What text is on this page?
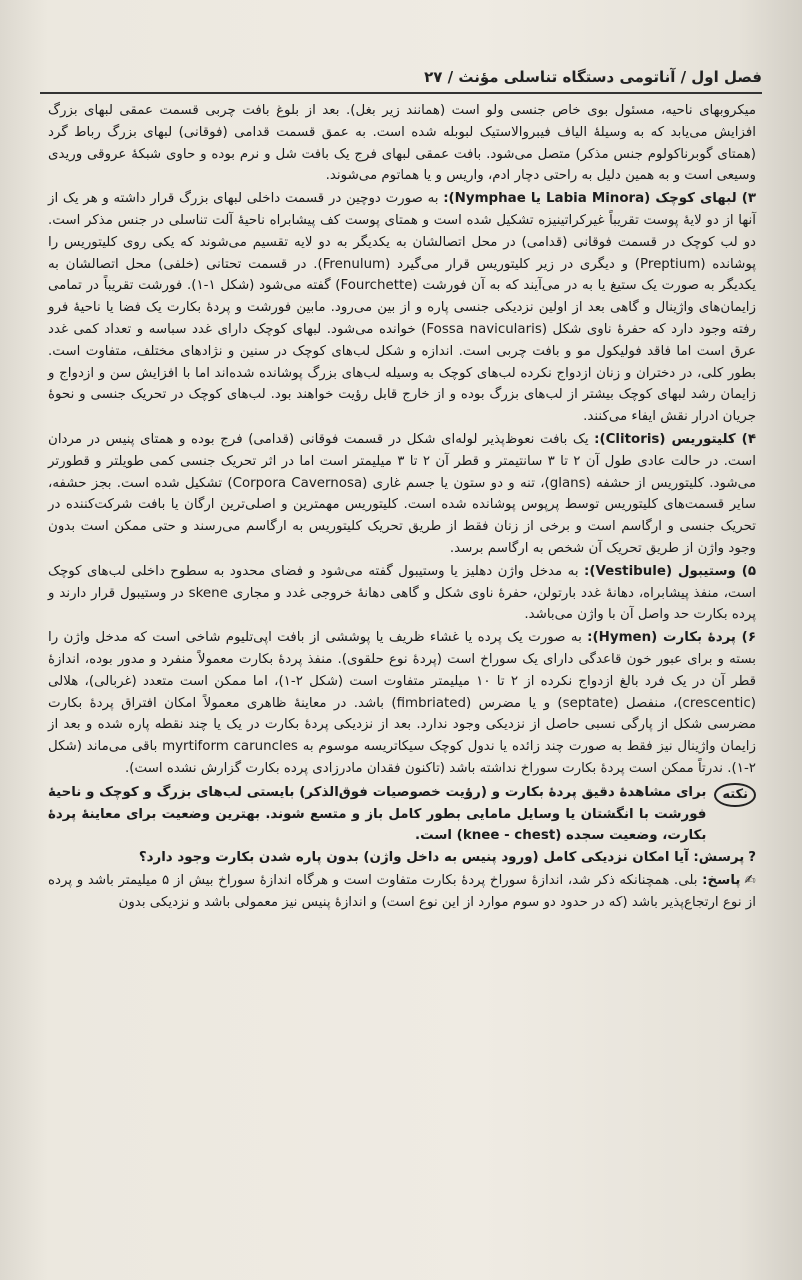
فصل اول / آناتومی دستگاه تناسلی مؤنث / ۲۷

میکروبهای ناحیه، مسئول بوی خاص جنسی ولو است (همانند زیر بغل). بعد از بلوغ بافت چربی قسمت عمقی لبهای بزرگ افزایش می‌یابد که به وسیلهٔ الیاف فیبروالاستیک لبوبله شده است. به عمق قسمت قدامی (فوقانی) لبهای بزرگ رباط گرد (همتای گوبرناکولوم جنس مذکر) متصل می‌شود. بافت عمقی لبهای فرج یک بافت شل و نرم بوده و حاوی شبکهٔ عروقی وریدی وسیعی است و به همین دلیل به راحتی دچار ادم، واریس و یا هماتوم می‌شوند.

۳) لبهای کوچک (Labia Minora یا Nymphae): به صورت دوچین در قسمت داخلی لبهای بزرگ قرار داشته و هر یک از آنها از دو لایهٔ پوست تقریباً غیرکراتینیزه تشکیل شده است و همتای پوست کف پیشابراه ناحیهٔ آلت تناسلی در جنس مذکر است. دو لب کوچک در قسمت فوقانی (قدامی) در محل اتصالشان به یکدیگر به دو لایه تقسیم می‌شوند که یکی روی کلیتوریس را پوشانده (Preptium) و دیگری در زیر کلیتوریس قرار می‌گیرد (Frenulum). در قسمت تحتانی (خلفی) محل اتصالشان به یکدیگر به صورت یک ستیغ یا به در می‌آیند که به آن فورشت (Fourchette) گفته می‌شود (شکل ۱-۱). فورشت تقریباً در تمامی زایمان‌های واژینال و گاهی بعد از اولین نزدیکی جنسی پاره و از بین می‌رود. مابین فورشت و پردهٔ بکارت یک فضا یا ناحیهٔ فرو رفته وجود دارد که حفرهٔ ناوی شکل (Fossa navicularis) خوانده می‌شود. لبهای کوچک دارای غدد سباسه و تعداد کمی غدد عرق است اما فاقد فولیکول مو و بافت چربی است. اندازه و شکل لب‌های کوچک در سنین و نژادهای مختلف، متفاوت است. بطور کلی، در دختران و زنان ازدواج نکرده لب‌های کوچک به وسیله لب‌های بزرگ پوشانده شده‌اند اما با افزایش سن و ازدواج و زایمان رشد لبهای کوچک بیشتر از لب‌های بزرگ بوده و از خارج قابل رؤیت خواهند بود. لب‌های کوچک در تحریک جنسی و نحوهٔ جریان ادرار نقش ایفاء می‌کنند.

۴) کلیتوریس (Clitoris): یک بافت نعوظ‌پذیر لوله‌ای شکل در قسمت فوقانی (قدامی) فرج بوده و همتای پنیس در مردان است. در حالت عادی طول آن ۲ تا ۳ سانتیمتر و قطر آن ۲ تا ۳ میلیمتر است اما در اثر تحریک جنسی کمی طویلتر و قطورتر می‌شود. کلیتوریس از حشفه (glans)، تنه و دو ستون یا جسم غاری (Corpora Cavernosa) تشکیل شده است. بجز حشفه، سایر قسمت‌های کلیتوریس توسط پرپوس پوشانده شده است. کلیتوریس مهمترین و اصلی‌ترین ارگان یا بافت شرکت‌کننده در تحریک جنسی و ارگاسم است و برخی از زنان فقط از طریق تحریک کلیتوریس به ارگاسم می‌رسند و حتی ممکن است بدون وجود واژن از طریق تحریک آن شخص به ارگاسم برسد.

۵) وستیبول (Vestibule): به مدخل واژن دهلیز یا وستیبول گفته می‌شود و فضای محدود به سطوح داخلی لب‌های کوچک است، منفذ پیشابراه، دهانهٔ غدد بارتولن، حفرهٔ ناوی شکل و گاهی دهانهٔ خروجی غدد و مجاری skene در وستیبول قرار دارند و پرده بکارت حد واصل آن با واژن می‌باشد.

۶) پردهٔ بکارت (Hymen): به صورت یک پرده یا غشاء ظریف یا پوششی از بافت اپی‌تلیوم شاخی است که مدخل واژن را بسته و برای عبور خون قاعدگی دارای یک سوراخ است (پردهٔ نوع حلقوی). منفذ پردهٔ بکارت معمولاً منفرد و مدور بوده، اندازهٔ قطر آن در یک فرد بالغ ازدواج نکرده از ۲ تا ۱۰ میلیمتر متفاوت است (شکل ۲-۱)، اما ممکن است متعدد (غربالی)، هلالی (crescentic)، منفصل (septate) و یا مضرس (fimbriated) باشد. در معاینهٔ ظاهری معمولاً امکان افتراق پردهٔ بکارت مضرسی شکل از پارگی نسبی حاصل از نزدیکی وجود ندارد. بعد از نزدیکی پردهٔ بکارت در یک یا چند نقطه پاره شده و بعد از زایمان واژینال نیز فقط به صورت چند زائده یا ندول کوچک سیکاتریسه موسوم به myrtiform caruncles باقی می‌ماند (شکل ۲-۱). ندرتاً ممکن است پردهٔ بکارت سوراخ نداشته باشد (تاکنون فقدان مادرزادی پرده بکارت گزارش نشده است).

نکته
برای مشاهدهٔ دقیق پردهٔ بکارت و (رؤیت خصوصیات فوق‌الذکر) بایستی لب‌های بزرگ و کوچک و ناحیهٔ فورشت با انگشتان یا وسایل مامایی بطور کامل باز و متسع شوند. بهترین وضعیت برای معاینهٔ پردهٔ بکارت، وضعیت سجده (knee - chest) است.

?پرسش: آیا امکان نزدیکی کامل (ورود پنیس به داخل واژن) بدون پاره شدن بکارت وجود دارد؟

✍پاسخ: بلی. همچنانکه ذکر شد، اندازهٔ سوراخ پردهٔ بکارت متفاوت است و هرگاه اندازهٔ سوراخ بیش از ۵ میلیمتر باشد و پرده از نوع ارتجاع‌پذیر باشد (که در حدود دو سوم موارد از این نوع است) و اندازهٔ پنیس نیز معمولی باشد و نزدیکی بدون
